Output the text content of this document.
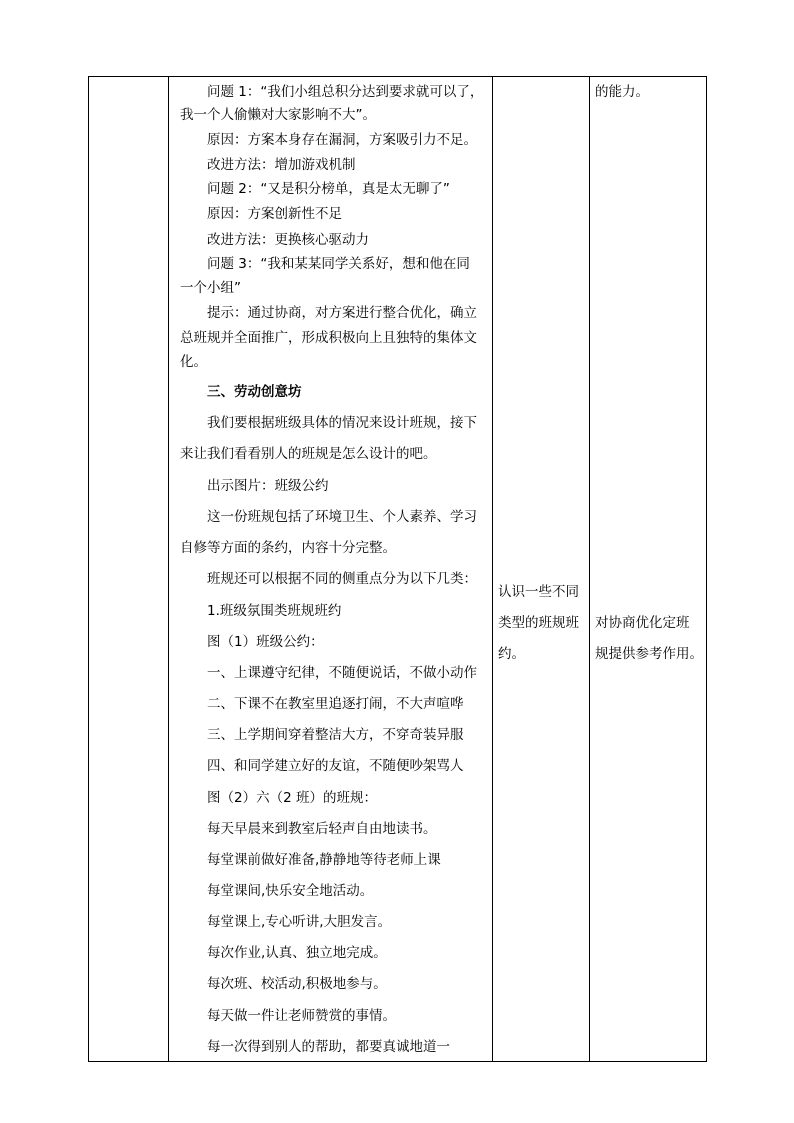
问题 1：“我们小组总积分达到要求就可以了，
我一个人偷懒对大家影响不大”。
原因：方案本身存在漏洞，方案吸引力不足。
改进方法：增加游戏机制
问题 2：“又是积分榜单，真是太无聊了”
原因：方案创新性不足
改进方法：更换核心驱动力
问题 3：“我和某某同学关系好，想和他在同
一个小组”
提示：通过协商，对方案进行整合优化，确立
总班规并全面推广，形成积极向上且独特的集体文
化。
三、劳动创意坊
我们要根据班级具体的情况来设计班规，接下
来让我们看看别人的班规是怎么设计的吧。
出示图片：班级公约
这一份班规包括了环境卫生、个人素养、学习
自修等方面的条约，内容十分完整。
班规还可以根据不同的侧重点分为以下几类：
1.班级氛围类班规班约
图（1）班级公约：
一、上课遵守纪律，不随便说话，不做小动作
二、下课不在教室里追逐打闹，不大声喧哗
三、上学期间穿着整洁大方，不穿奇装异服
四、和同学建立好的友谊，不随便吵架骂人
图（2）六（2 班）的班规：
每天早晨来到教室后轻声自由地读书。
每堂课前做好准备,静静地等待老师上课
每堂课间,快乐安全地活动。
每堂课上,专心听讲,大胆发言。
每次作业,认真、独立地完成。
每次班、校活动,积极地参与。
每天做一件让老师赞赏的事情。
每一次得到别人的帮助，都要真诚地道一
认识一些不同
类型的班规班
约。
的能力。
对协商优化定班
规提供参考作用。
